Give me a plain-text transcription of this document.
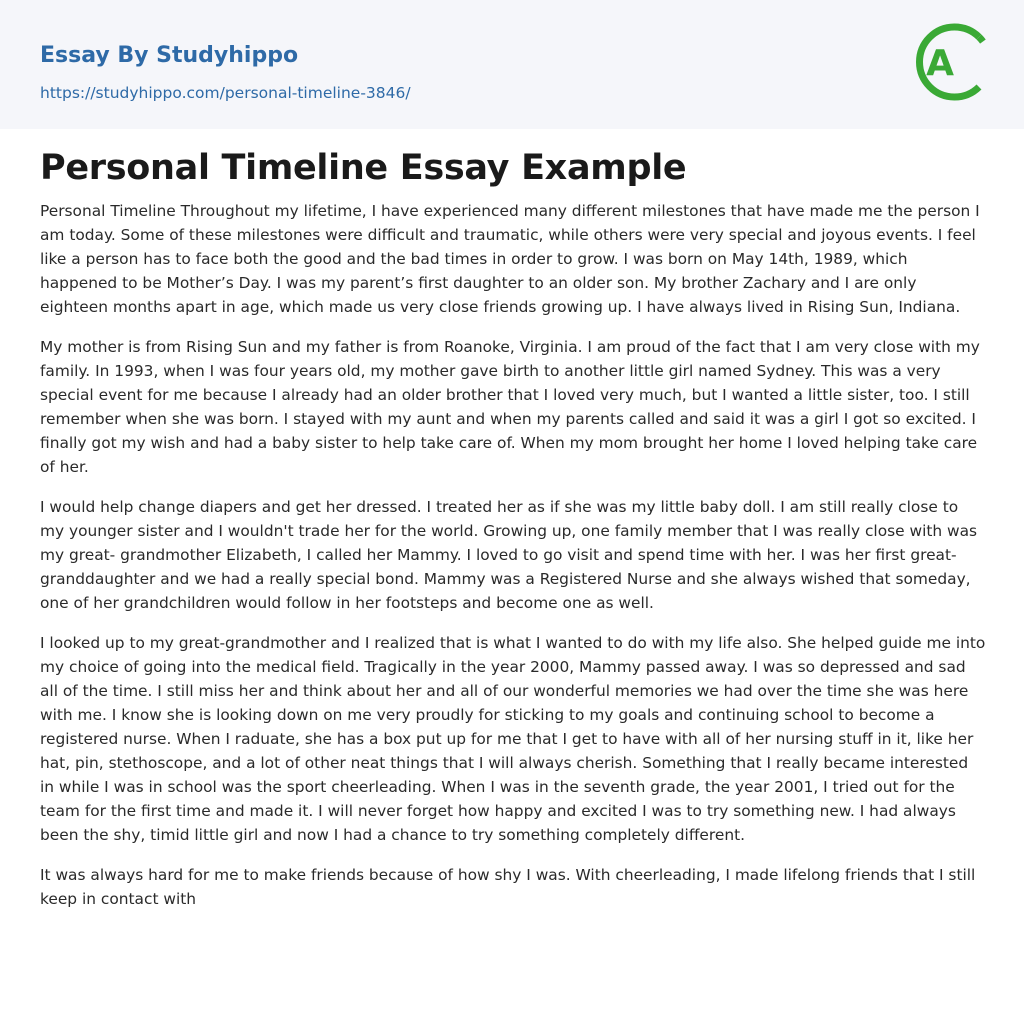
Essay By Studyhippo
https://studyhippo.com/personal-timeline-3846/
A
Personal Timeline Essay Example

Personal Timeline Throughout my lifetime, I have experienced many different milestones that have made me the person I am today. Some of these milestones were difficult and traumatic, while others were very special and joyous events. I feel like a person has to face both the good and the bad times in order to grow. I was born on May 14th, 1989, which happened to be Mother’s Day. I was my parent’s first daughter to an older son. My brother Zachary and I are only eighteen months apart in age, which made us very close friends growing up. I have always lived in Rising Sun, Indiana.

My mother is from Rising Sun and my father is from Roanoke, Virginia. I am proud of the fact that I am very close with my family. In 1993, when I was four years old, my mother gave birth to another little girl named Sydney. This was a very special event for me because I already had an older brother that I loved very much, but I wanted a little sister, too. I still remember when she was born. I stayed with my aunt and when my parents called and said it was a girl I got so excited. I finally got my wish and had a baby sister to help take care of. When my mom brought her home I loved helping take care of her.

I would help change diapers and get her dressed. I treated her as if she was my little baby doll. I am still really close to my younger sister and I wouldn't trade her for the world. Growing up, one family member that I was really close with was my great- grandmother Elizabeth, I called her Mammy. I loved to go visit and spend time with her. I was her first great-granddaughter and we had a really special bond. Mammy was a Registered Nurse and she always wished that someday, one of her grandchildren would follow in her footsteps and become one as well.

I looked up to my great-grandmother and I realized that is what I wanted to do with my life also. She helped guide me into my choice of going into the medical field. Tragically in the year 2000, Mammy passed away. I was so depressed and sad all of the time. I still miss her and think about her and all of our wonderful memories we had over the time she was here with me. I know she is looking down on me very proudly for sticking to my goals and continuing school to become a registered nurse. When I raduate, she has a box put up for me that I get to have with all of her nursing stuff in it, like her hat, pin, stethoscope, and a lot of other neat things that I will always cherish. Something that I really became interested in while I was in school was the sport cheerleading. When I was in the seventh grade, the year 2001, I tried out for the team for the first time and made it. I will never forget how happy and excited I was to try something new. I had always been the shy, timid little girl and now I had a chance to try something completely different.

It was always hard for me to make friends because of how shy I was. With cheerleading, I made lifelong friends that I still keep in contact with
